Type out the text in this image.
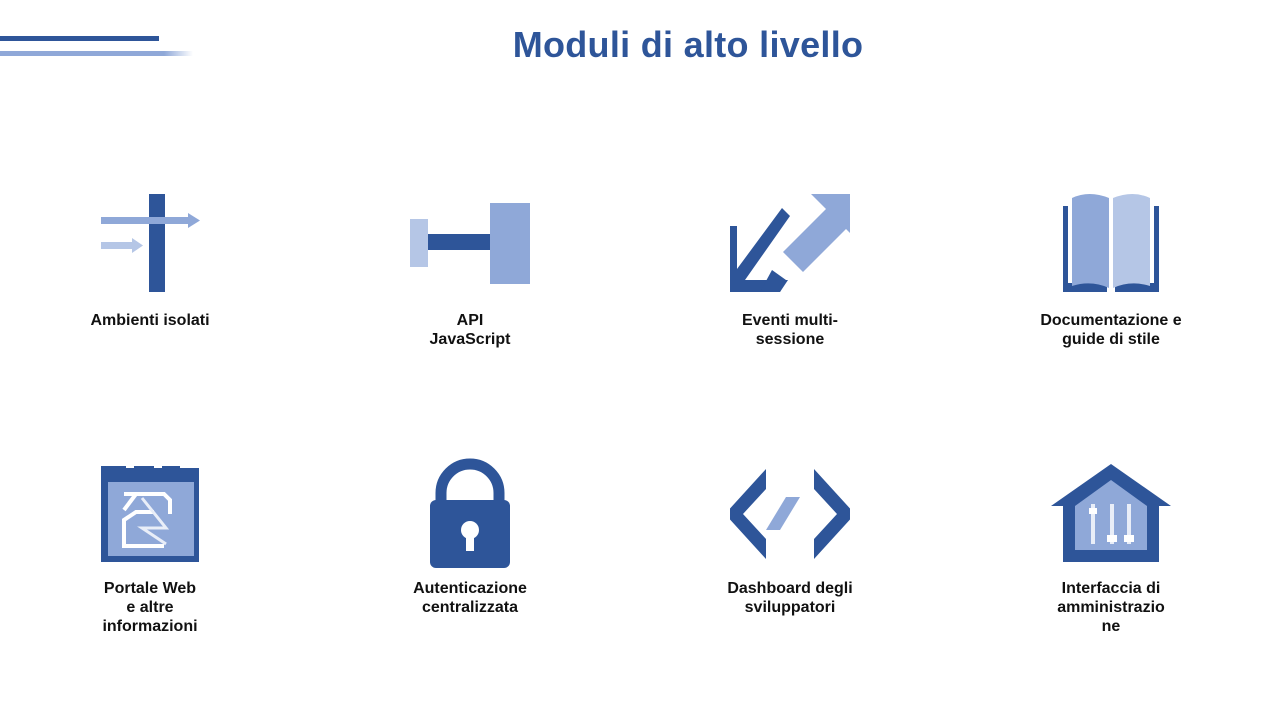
Moduli di alto livello
Ambienti isolati	API
JavaScript
Eventi multi-
sessione
Documentazione e
guide di stile
Portale Web
e altre
informazioni
Autenticazione
centralizzata
Dashboard degli
sviluppatori
Interfaccia di
amministrazio
ne
